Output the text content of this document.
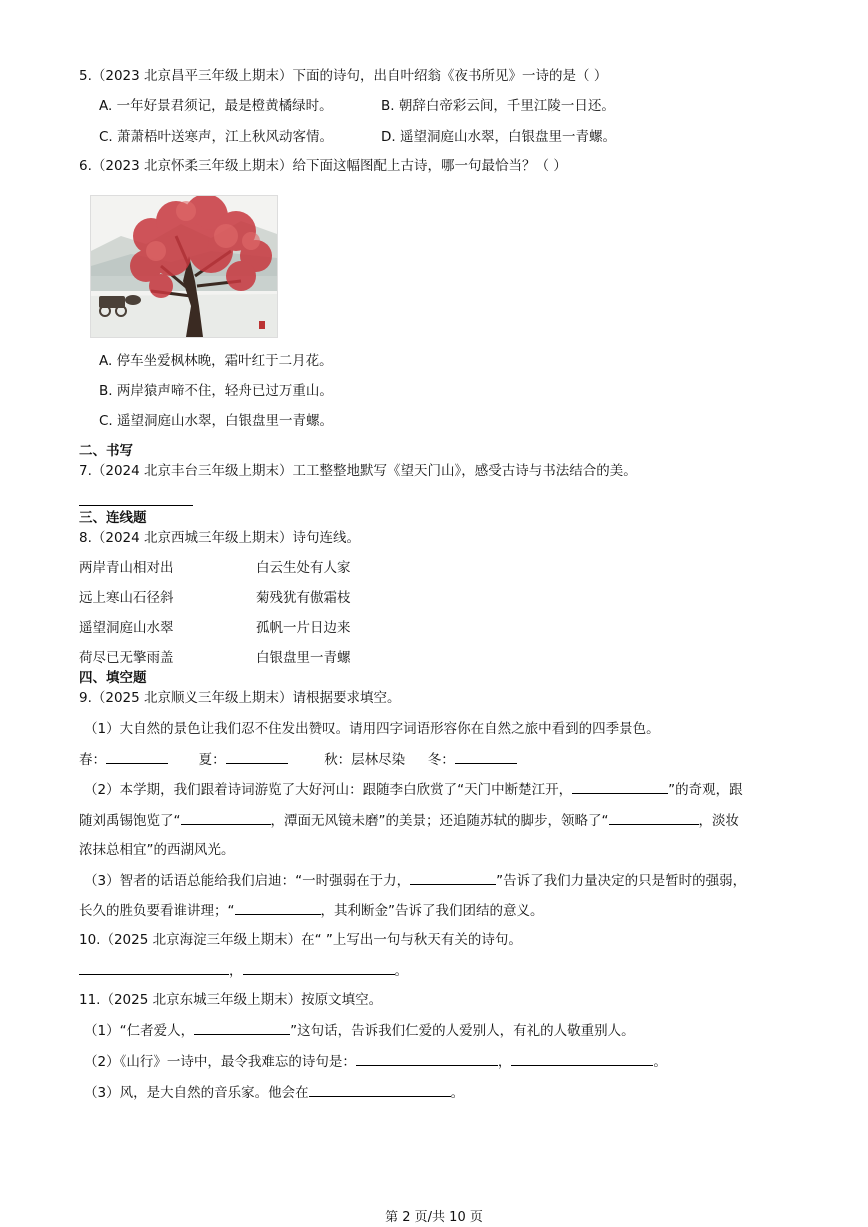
5.（2023 北京昌平三年级上期末）下面的诗句，出自叶绍翁《夜书所见》一诗的是（ ）
A. 一年好景君须记，最是橙黄橘绿时。	B. 朝辞白帝彩云间，千里江陵一日还。
C. 萧萧梧叶送寒声，江上秋风动客情。	D. 遥望洞庭山水翠，白银盘里一青螺。
6.（2023 北京怀柔三年级上期末）给下面这幅图配上古诗，哪一句最恰当？（ ）
A. 停车坐爱枫林晚，霜叶红于二月花。
B. 两岸猿声啼不住，轻舟已过万重山。
C. 遥望洞庭山水翠，白银盘里一青螺。
二、书写
7.（2024 北京丰台三年级上期末）工工整整地默写《望天门山》，感受古诗与书法结合的美。
三、连线题
8.（2024 北京西城三年级上期末）诗句连线。
两岸青山相对出	白云生处有人家
远上寒山石径斜	菊残犹有傲霜枝
遥望洞庭山水翠	孤帆一片日边来
荷尽已无擎雨盖	白银盘里一青螺
四、填空题
9.（2025 北京顺义三年级上期末）请根据要求填空。
（1）大自然的景色让我们忍不住发出赞叹。请用四字词语形容你在自然之旅中看到的四季景色。
春：	夏：	秋：层林尽染 冬：
（2）本学期，我们跟着诗词游览了大好河山：跟随李白欣赏了“天门中断楚江开，	”的奇观，跟
随刘禹锡饱览了“	，潭面无风镜未磨”的美景；还追随苏轼的脚步，领略了“	，淡妆
浓抹总相宜”的西湖风光。
（3）智者的话语总能给我们启迪：“一时强弱在于力，	”告诉了我们力量决定的只是暂时的强弱，
长久的胜负要看谁讲理；“	，其利断金”告诉了我们团结的意义。
10.（2025 北京海淀三年级上期末）在“ ”上写出一句与秋天有关的诗句。
，	。
11.（2025 北京东城三年级上期末）按原文填空。
（1）“仁者爱人，	”这句话，告诉我们仁爱的人爱别人，有礼的人敬重别人。
（2）《山行》一诗中，最令我难忘的诗句是：	，	。
（3）风，是大自然的音乐家。他会在	。
第 2 页/共 10 页
